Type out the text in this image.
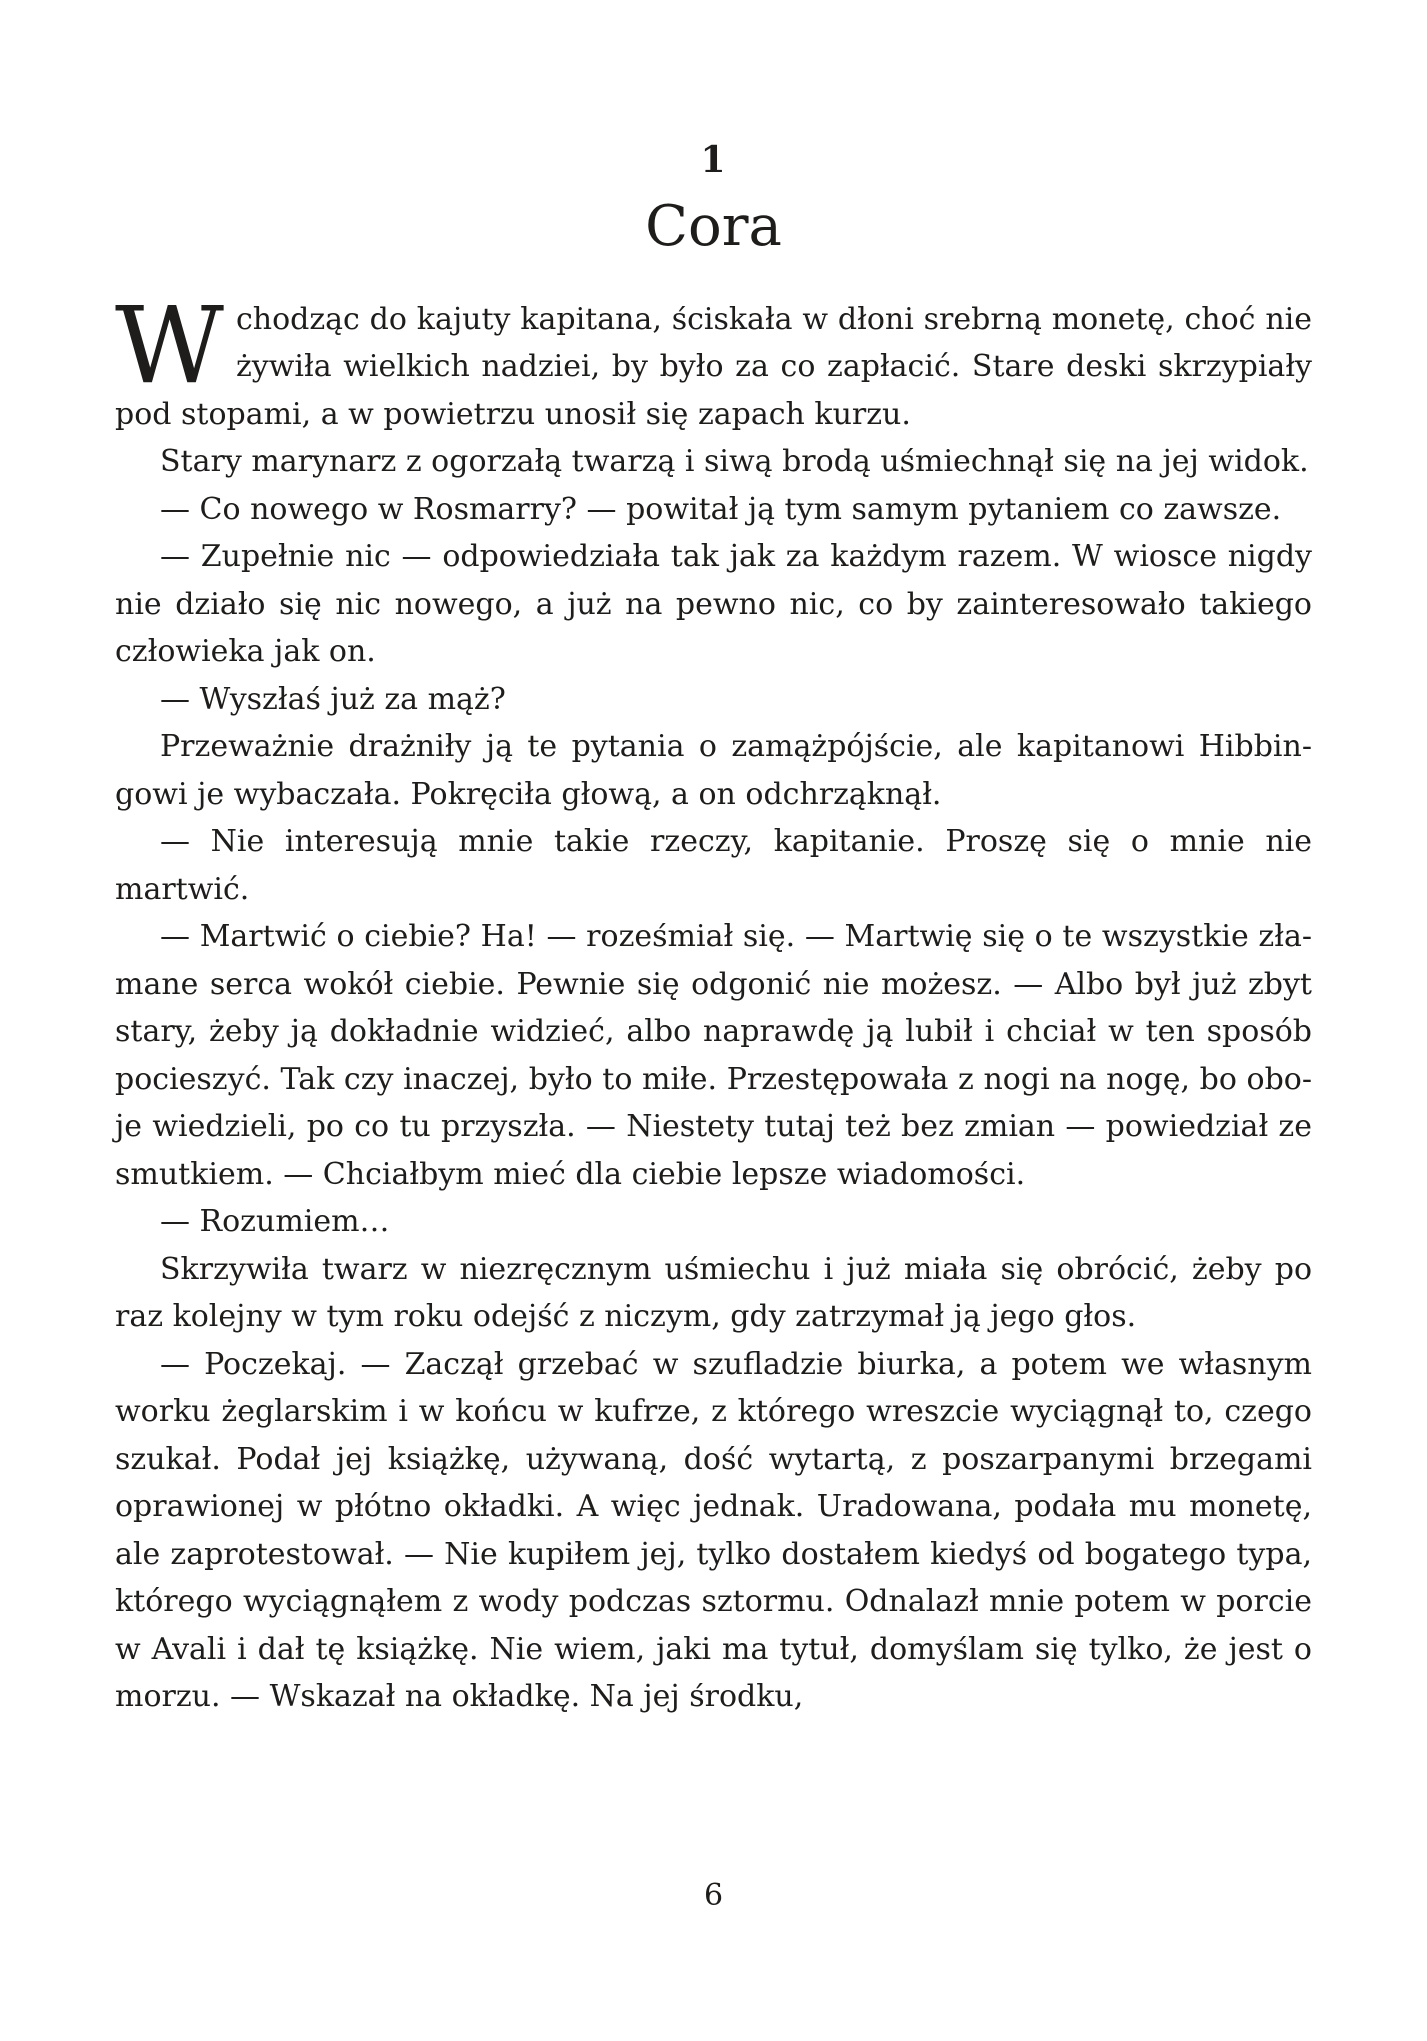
1
Cora

Wchodząc do kajuty kapitana, ściskała w dłoni srebrną monetę, choć nie żywiła wielkich nadziei, by było za co zapłacić. Stare deski skrzypiały pod stopami, a w powietrzu unosił się zapach kurzu.

Stary marynarz z ogorzałą twarzą i siwą brodą uśmiechnął się na jej widok.

— Co nowego w Rosmarry? — powitał ją tym samym pytaniem co zawsze.

— Zupełnie nic — odpowiedziała tak jak za każdym razem. W wiosce nigdy nie działo się nic nowego, a już na pewno nic, co by zainteresowało takiego człowieka jak on.

— Wyszłaś już za mąż?

Przeważnie drażniły ją te pytania o zamążpójście, ale kapitanowi Hibbingowi je wybaczała. Pokręciła głową, a on odchrząknął.

— Nie interesują mnie takie rzeczy, kapitanie. Proszę się o mnie nie martwić.

— Martwić o ciebie? Ha! — roześmiał się. — Martwię się o te wszystkie złamane serca wokół ciebie. Pewnie się odgonić nie możesz. — Albo był już zbyt stary, żeby ją dokładnie widzieć, albo naprawdę ją lubił i chciał w ten sposób pocieszyć. Tak czy inaczej, było to miłe. Przestępowała z nogi na nogę, bo oboje wiedzieli, po co tu przyszła. — Niestety tutaj też bez zmian — powiedział ze smutkiem. — Chciałbym mieć dla ciebie lepsze wiadomości.

— Rozumiem…

Skrzywiła twarz w niezręcznym uśmiechu i już miała się obrócić, żeby po raz kolejny w tym roku odejść z niczym, gdy zatrzymał ją jego głos.

— Poczekaj. — Zaczął grzebać w szufladzie biurka, a potem we własnym worku żeglarskim i w końcu w kufrze, z którego wreszcie wyciągnął to, czego szukał. Podał jej książkę, używaną, dość wytartą, z poszarpanymi brzegami oprawionej w płótno okładki. A więc jednak. Uradowana, podała mu monetę, ale zaprotestował. — Nie kupiłem jej, tylko dostałem kiedyś od bogatego typa, którego wyciągnąłem z wody podczas sztormu. Odnalazł mnie potem w porcie w Avali i dał tę książkę. Nie wiem, jaki ma tytuł, domyślam się tylko, że jest o morzu. — Wskazał na okładkę. Na jej środku,

6
